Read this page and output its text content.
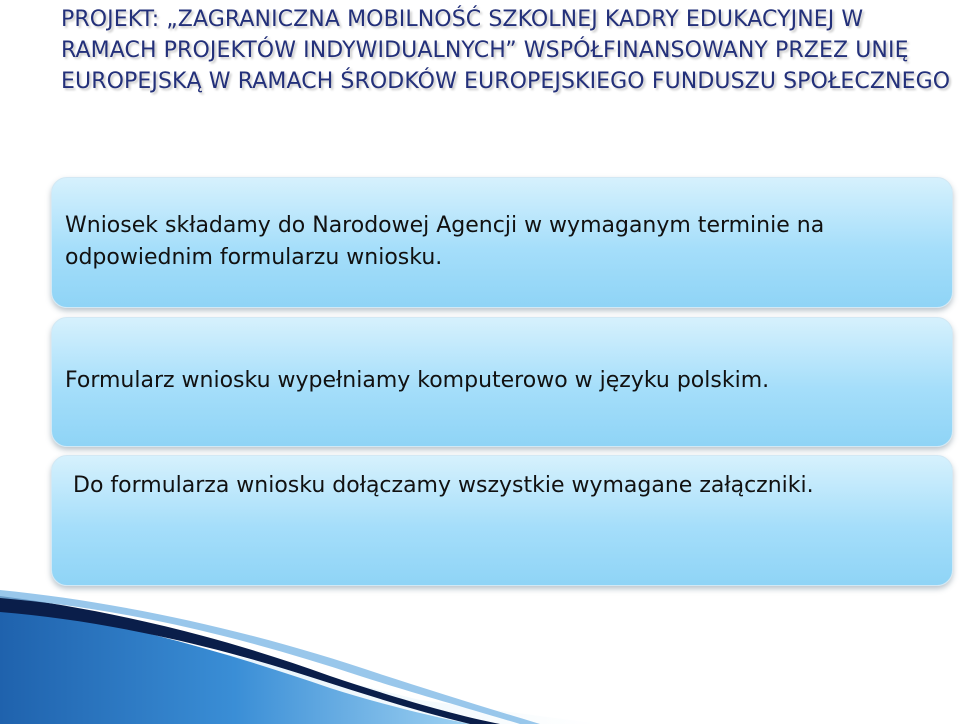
PROJEKT: „ZAGRANICZNA MOBILNOŚĆ SZKOLNEJ KADRY EDUKACYJNEJ W RAMACH PROJEKTÓW INDYWIDUALNYCH” WSPÓŁFINANSOWANY PRZEZ UNIĘ EUROPEJSKĄ W RAMACH ŚRODKÓW EUROPEJSKIEGO FUNDUSZU SPOŁECZNEGO
Wniosek składamy do Narodowej Agencji w wymaganym terminie na odpowiednim formularzu wniosku.
Formularz wniosku wypełniamy komputerowo w języku polskim.
Do formularza wniosku dołączamy wszystkie wymagane załączniki.
